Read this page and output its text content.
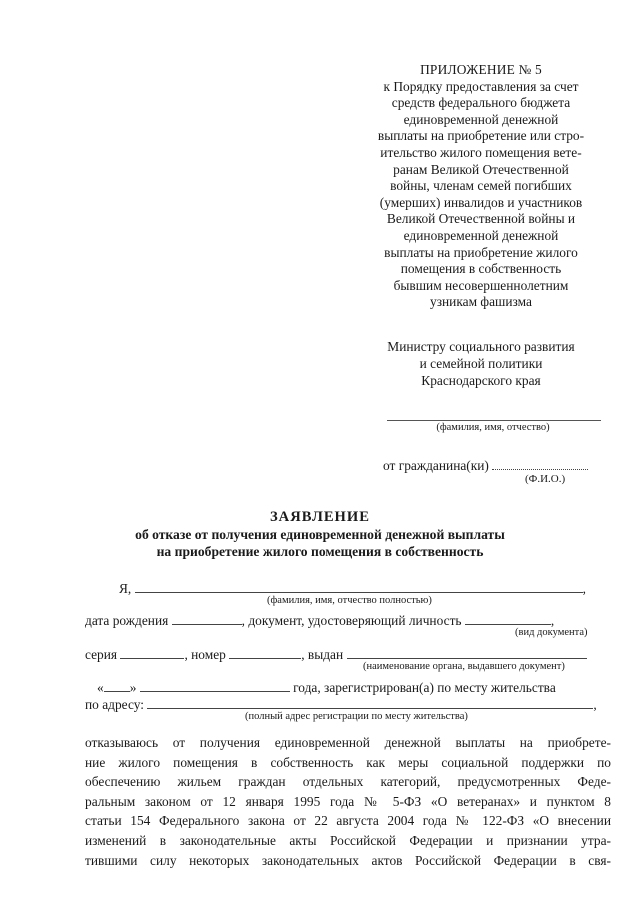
ПРИЛОЖЕНИЕ № 5
к Порядку предоставления за счет
средств федерального бюджета
единовременной денежной
выплаты на приобретение или стро-
ительство жилого помещения вете-
ранам Великой Отечественной
войны, членам семей погибших
(умерших) инвалидов и участников
Великой Отечественной войны и
единовременной денежной
выплаты на приобретение жилого
помещения в собственность
бывшим несовершеннолетним
узникам фашизма
Министру социального развития
и семейной политики
Краснодарского края
(фамилия, имя, отчество)
от гражданина(ки)
(Ф.И.О.)
ЗАЯВЛЕНИЕ
об отказе от получения единовременной денежной выплаты
на приобретение жилого помещения в собственность
Я,	,
(фамилия, имя, отчество полностью)
дата рождения	, документ, удостоверяющий личность	,
(вид документа)
серия	, номер	, выдан
(наименование органа, выдавшего документ)
« »	года, зарегистрирован(а) по месту жительства
по адресу:	,
(полный адрес регистрации по месту жительства)
отказываюсь от получения единовременной денежной выплаты на приобрете-
ние жилого помещения в собственность как меры социальной поддержки по
обеспечению жильем граждан отдельных категорий, предусмотренных Феде-
ральным законом от 12 января 1995 года № 5-ФЗ «О ветеранах» и пунктом 8
статьи 154 Федерального закона от 22 августа 2004 года № 122-ФЗ «О внесении
изменений в законодательные акты Российской Федерации и признании утра-
тившими силу некоторых законодательных актов Российской Федерации в свя-
